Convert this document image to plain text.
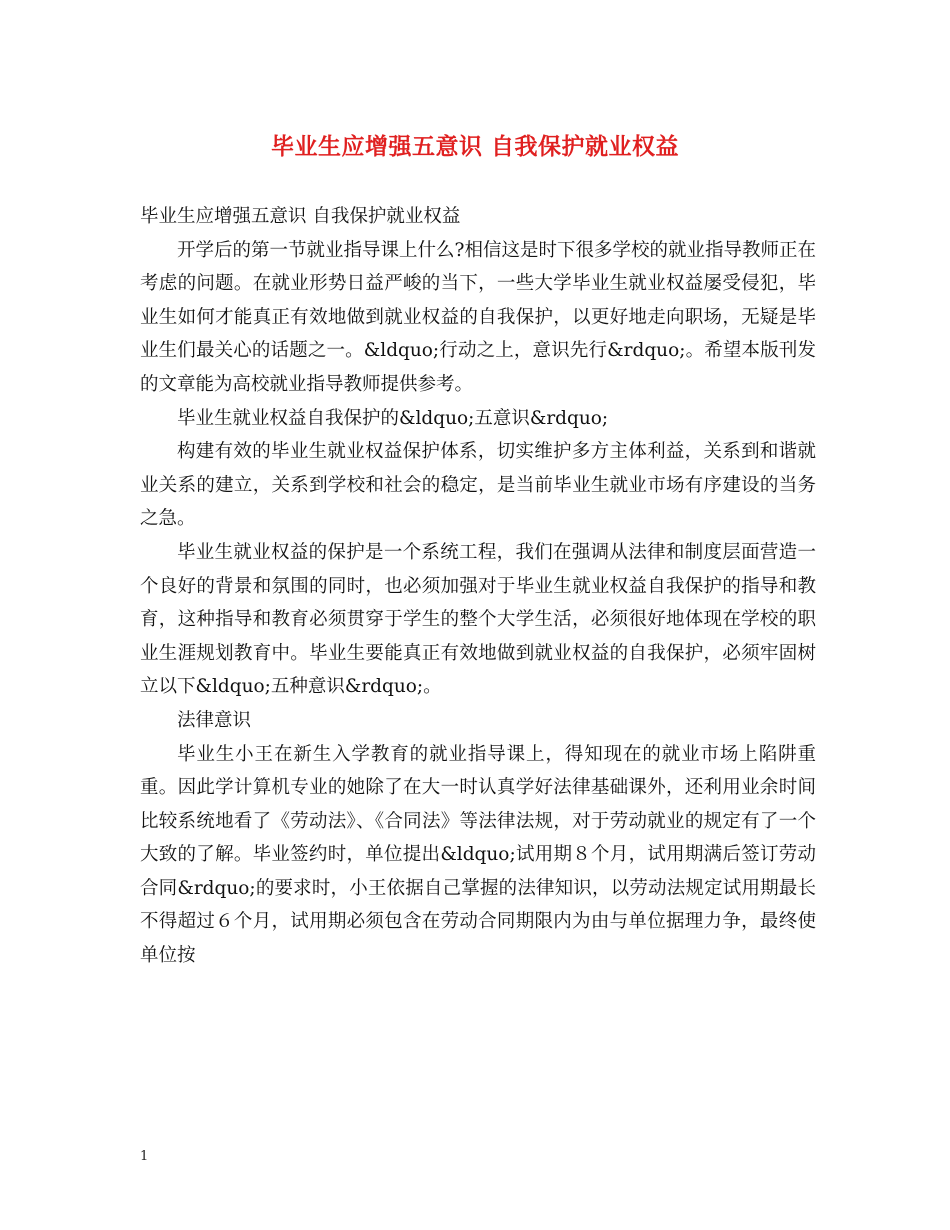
毕业生应增强五意识 自我保护就业权益

毕业生应增强五意识 自我保护就业权益

开学后的第一节就业指导课上什么?相信这是时下很多学校的就业指导教师正在考虑的问题。在就业形势日益严峻的当下，一些大学毕业生就业权益屡受侵犯，毕业生如何才能真正有效地做到就业权益的自我保护，以更好地走向职场，无疑是毕业生们最关心的话题之一。&ldquo;行动之上，意识先行&rdquo;。希望本版刊发的文章能为高校就业指导教师提供参考。

毕业生就业权益自我保护的&ldquo;五意识&rdquo;

构建有效的毕业生就业权益保护体系，切实维护多方主体利益，关系到和谐就业关系的建立，关系到学校和社会的稳定，是当前毕业生就业市场有序建设的当务之急。

毕业生就业权益的保护是一个系统工程，我们在强调从法律和制度层面营造一个良好的背景和氛围的同时，也必须加强对于毕业生就业权益自我保护的指导和教育，这种指导和教育必须贯穿于学生的整个大学生活，必须很好地体现在学校的职业生涯规划教育中。毕业生要能真正有效地做到就业权益的自我保护，必须牢固树立以下&ldquo;五种意识&rdquo;。

法律意识

毕业生小王在新生入学教育的就业指导课上，得知现在的就业市场上陷阱重重。因此学计算机专业的她除了在大一时认真学好法律基础课外，还利用业余时间比较系统地看了《劳动法》、《合同法》等法律法规，对于劳动就业的规定有了一个大致的了解。毕业签约时，单位提出&ldquo;试用期８个月，试用期满后签订劳动合同&rdquo;的要求时，小王依据自己掌握的法律知识，以劳动法规定试用期最长不得超过６个月，试用期必须包含在劳动合同期限内为由与单位据理力争，最终使单位按

1
